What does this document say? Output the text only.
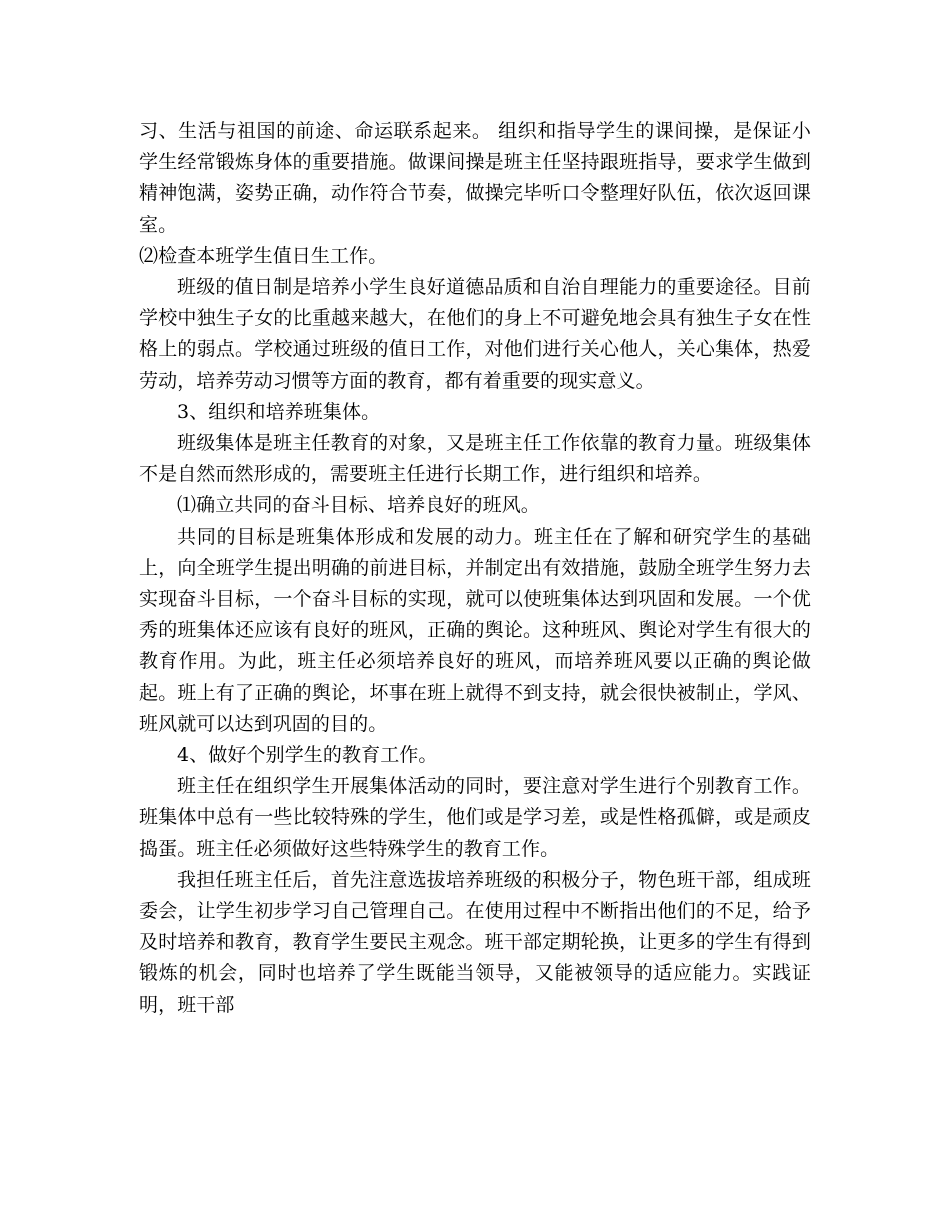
习、生活与祖国的前途、命运联系起来。 组织和指导学生的课间操，是保证小学生经常锻炼身体的重要措施。做课间操是班主任坚持跟班指导，要求学生做到精神饱满，姿势正确，动作符合节奏，做操完毕听口令整理好队伍，依次返回课室。

⑵检查本班学生值日生工作。

班级的值日制是培养小学生良好道德品质和自治自理能力的重要途径。目前学校中独生子女的比重越来越大，在他们的身上不可避免地会具有独生子女在性格上的弱点。学校通过班级的值日工作，对他们进行关心他人，关心集体，热爱劳动，培养劳动习惯等方面的教育，都有着重要的现实意义。

3、组织和培养班集体。

班级集体是班主任教育的对象，又是班主任工作依靠的教育力量。班级集体不是自然而然形成的，需要班主任进行长期工作，进行组织和培养。

⑴确立共同的奋斗目标、培养良好的班风。

共同的目标是班集体形成和发展的动力。班主任在了解和研究学生的基础上，向全班学生提出明确的前进目标，并制定出有效措施，鼓励全班学生努力去实现奋斗目标，一个奋斗目标的实现，就可以使班集体达到巩固和发展。一个优秀的班集体还应该有良好的班风，正确的舆论。这种班风、舆论对学生有很大的教育作用。为此，班主任必须培养良好的班风，而培养班风要以正确的舆论做起。班上有了正确的舆论，坏事在班上就得不到支持，就会很快被制止，学风、班风就可以达到巩固的目的。

4、做好个别学生的教育工作。

班主任在组织学生开展集体活动的同时，要注意对学生进行个别教育工作。班集体中总有一些比较特殊的学生，他们或是学习差，或是性格孤僻，或是顽皮捣蛋。班主任必须做好这些特殊学生的教育工作。

我担任班主任后，首先注意选拔培养班级的积极分子，物色班干部，组成班委会，让学生初步学习自己管理自己。在使用过程中不断指出他们的不足，给予及时培养和教育，教育学生要民主观念。班干部定期轮换，让更多的学生有得到锻炼的机会，同时也培养了学生既能当领导，又能被领导的适应能力。实践证明，班干部
